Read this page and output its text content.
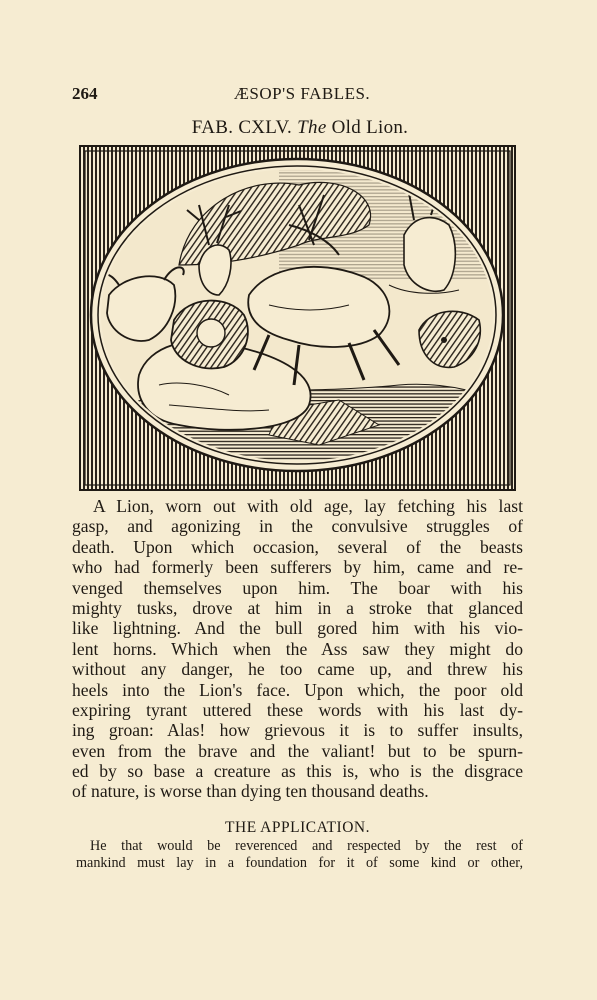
264	ÆSOP'S FABLES.
FAB. CXLV. The Old Lion.
A Lion, worn out with old age, lay fetching his last
gasp, and agonizing in the convulsive struggles of
death. Upon which occasion, several of the beasts
who had formerly been sufferers by him, came and re-
venged themselves upon him. The boar with his
mighty tusks, drove at him in a stroke that glanced
like lightning. And the bull gored him with his vio-
lent horns. Which when the Ass saw they might do
without any danger, he too came up, and threw his
heels into the Lion's face. Upon which, the poor old
expiring tyrant uttered these words with his last dy-
ing groan: Alas! how grievous it is to suffer insults,
even from the brave and the valiant! but to be spurn-
ed by so base a creature as this is, who is the disgrace
of nature, is worse than dying ten thousand deaths.
THE APPLICATION.
He that would be reverenced and respected by the rest of
mankind must lay in a foundation for it of some kind or other,
